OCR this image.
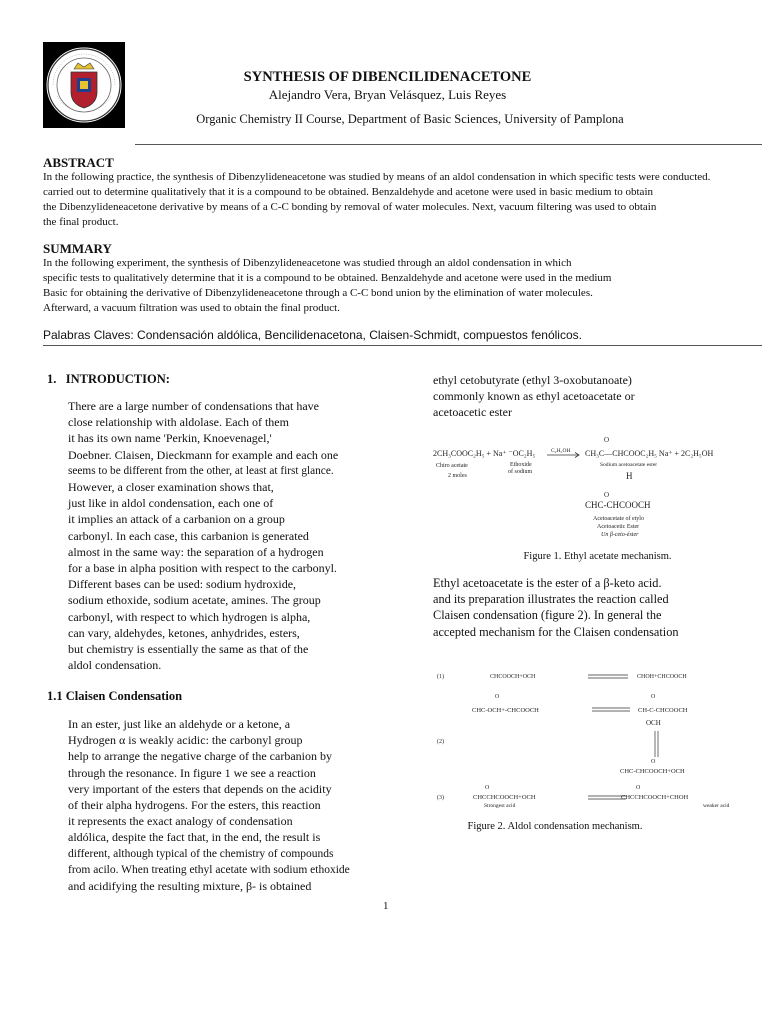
SYNTHESIS OF DIBENCILIDENACETONE
Alejandro Vera, Bryan Velásquez, Luis Reyes
Organic Chemistry II Course, Department of Basic Sciences, University of Pamplona
ABSTRACT
In the following practice, the synthesis of Dibenzylideneacetone was studied by means of an aldol condensation in which specific tests were conducted.
carried out to determine qualitatively that it is a compound to be obtained. Benzaldehyde and acetone were used in basic medium to obtain
the Dibenzylideneacetone derivative by means of a C-C bonding by removal of water molecules. Next, vacuum filtering was used to obtain
the final product.
SUMMARY
In the following experiment, the synthesis of Dibenzylideneacetone was studied through an aldol condensation in which
specific tests to qualitatively determine that it is a compound to be obtained. Benzaldehyde and acetone were used in the medium
Basic for obtaining the derivative of Dibenzylideneacetone through a C-C bond union by the elimination of water molecules.
Afterward, a vacuum filtration was used to obtain the final product.
Palabras Claves: Condensación aldólica, Bencilidenacetona, Claisen-Schmidt, compuestos fenólicos.
1.   INTRODUCTION:
There are a large number of condensations that have
close relationship with aldolase. Each of them
it has its own name 'Perkin, Knoevenagel,'
Doebner. Claisen, Dieckmann for example and each one
seems to be different from the other, at least at first glance.
However, a closer examination shows that,
just like in aldol condensation, each one of
it implies an attack of a carbanion on a group
carbonyl. In each case, this carbanion is generated
almost in the same way: the separation of a hydrogen
for a base in alpha position with respect to the carbonyl.
Different bases can be used: sodium hydroxide,
sodium ethoxide, sodium acetate, amines. The group
carbonyl, with respect to which hydrogen is alpha,
can vary, aldehydes, ketones, anhydrides, esters,
but chemistry is essentially the same as that of the
aldol condensation.
1.1 Claisen Condensation
In an ester, just like an aldehyde or a ketone, a
Hydrogen α is weakly acidic: the carbonyl group
help to arrange the negative charge of the carbanion by
through the resonance. In figure 1 we see a reaction
very important of the esters that depends on the acidity
of their alpha hydrogens. For the esters, this reaction
it represents the exact analogy of condensation
aldólica, despite the fact that, in the end, the result is
different, although typical of the chemistry of compounds
from acilo. When treating ethyl acetate with sodium ethoxide
and acidifying the resulting mixture, β- is obtained
ethyl cetobutyrate (ethyl 3-oxobutanoate)
commonly known as ethyl acetoacetate or
acetoacetic ester
2CH₃COOC₂H₅ + Na⁺ ⁻OC₂H₅	C₂H₅OH
O
CH₃C—CHCOOC₂H₅ Na⁺ + 2C₂H₅OH
Chiro acetate
2 moles
Ethoxide
of sodium
Sodium acetoacetate ester
H
O
CHC-CHCOOCH
Acetoacetate of etylo
Acetoacetic Ester
Un β-ceto-éster
Figure 1. Ethyl acetate mechanism.
Ethyl acetoacetate is the ester of a β-keto acid.
and its preparation illustrates the reaction called
Claisen condensation (figure 2). In general the
accepted mechanism for the Claisen condensation
(1)	CHCOOCH+OCH	CHOH+CHCOOCH
O
CHC-OCH+-CHCOOCH
O
CH-C-CHCOOCH
OCH
(2)
O
CHC-CHCOOCH+OCH
(3)
O
CHCCHCOOCH+OCH
Strongest acid
O
CHCCHCOOCH+CHOH
weaker acid
Figure 2. Aldol condensation mechanism.
1
